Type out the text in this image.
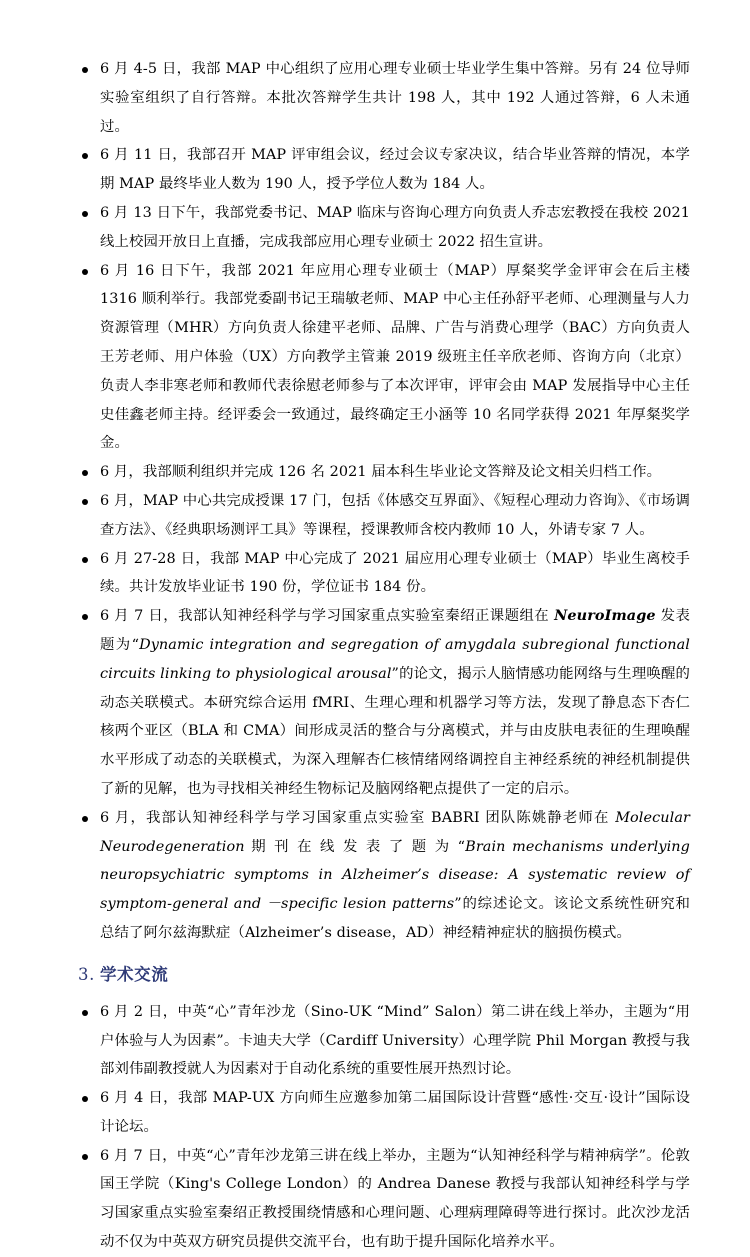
6 月 4-5 日，我部 MAP 中心组织了应用心理专业硕士毕业学生集中答辩。另有 24 位导师实验室组织了自行答辩。本批次答辩学生共计 198 人，其中 192 人通过答辩，6 人未通过。
6 月 11 日，我部召开 MAP 评审组会议，经过会议专家决议，结合毕业答辩的情况，本学期 MAP 最终毕业人数为 190 人，授予学位人数为 184 人。
6 月 13 日下午，我部党委书记、MAP 临床与咨询心理方向负责人乔志宏教授在我校 2021 线上校园开放日上直播，完成我部应用心理专业硕士 2022 招生宣讲。
6 月 16 日下午，我部 2021 年应用心理专业硕士（MAP）厚粲奖学金评审会在后主楼 1316 顺利举行。我部党委副书记王瑞敏老师、MAP 中心主任孙舒平老师、心理测量与人力资源管理（MHR）方向负责人徐建平老师、品牌、广告与消费心理学（BAC）方向负责人王芳老师、用户体验（UX）方向教学主管兼 2019 级班主任辛欣老师、咨询方向（北京）负责人李非寒老师和教师代表徐慰老师参与了本次评审，评审会由 MAP 发展指导中心主任史佳鑫老师主持。经评委会一致通过，最终确定王小涵等 10 名同学获得 2021 年厚粲奖学金。
6 月，我部顺利组织并完成 126 名 2021 届本科生毕业论文答辩及论文相关归档工作。
6 月，MAP 中心共完成授课 17 门，包括《体感交互界面》、《短程心理动力咨询》、《市场调查方法》、《经典职场测评工具》等课程，授课教师含校内教师 10 人，外请专家 7 人。
6 月 27-28 日，我部 MAP 中心完成了 2021 届应用心理专业硕士（MAP）毕业生离校手续。共计发放毕业证书 190 份，学位证书 184 份。
6 月 7 日，我部认知神经科学与学习国家重点实验室秦绍正课题组在 NeuroImage 发表题为“Dynamic integration and segregation of amygdala subregional functional circuits linking to physiological arousal”的论文，揭示人脑情感功能网络与生理唤醒的动态关联模式。本研究综合运用 fMRI、生理心理和机器学习等方法，发现了静息态下杏仁核两个亚区（BLA 和 CMA）间形成灵活的整合与分离模式，并与由皮肤电表征的生理唤醒水平形成了动态的关联模式，为深入理解杏仁核情绪网络调控自主神经系统的神经机制提供了新的见解，也为寻找相关神经生物标记及脑网络靶点提供了一定的启示。
6 月，我部认知神经科学与学习国家重点实验室 BABRI 团队陈姚静老师在 Molecular Neurodegeneration 期 刊 在 线 发 表 了 题 为 “Brain mechanisms underlying neuropsychiatric symptoms in Alzheimer’s disease: A systematic review of symptom-general and －specific lesion patterns”的综述论文。该论文系统性研究和总结了阿尔兹海默症（Alzheimer’s disease，AD）神经精神症状的脑损伤模式。
3. 学术交流
6 月 2 日，中英“心”青年沙龙（Sino-UK “Mind” Salon）第二讲在线上举办，主题为“用户体验与人为因素”。卡迪夫大学（Cardiff University）心理学院 Phil Morgan 教授与我部刘伟副教授就人为因素对于自动化系统的重要性展开热烈讨论。
6 月 4 日，我部 MAP-UX 方向师生应邀参加第二届国际设计营暨“感性·交互·设计”国际设计论坛。
6 月 7 日，中英“心”青年沙龙第三讲在线上举办，主题为“认知神经科学与精神病学”。伦敦国王学院（King's College London）的 Andrea Danese 教授与我部认知神经科学与学习国家重点实验室秦绍正教授围绕情感和心理问题、心理病理障碍等进行探讨。此次沙龙活动不仅为中英双方研究员提供交流平台，也有助于提升国际化培养水平。
